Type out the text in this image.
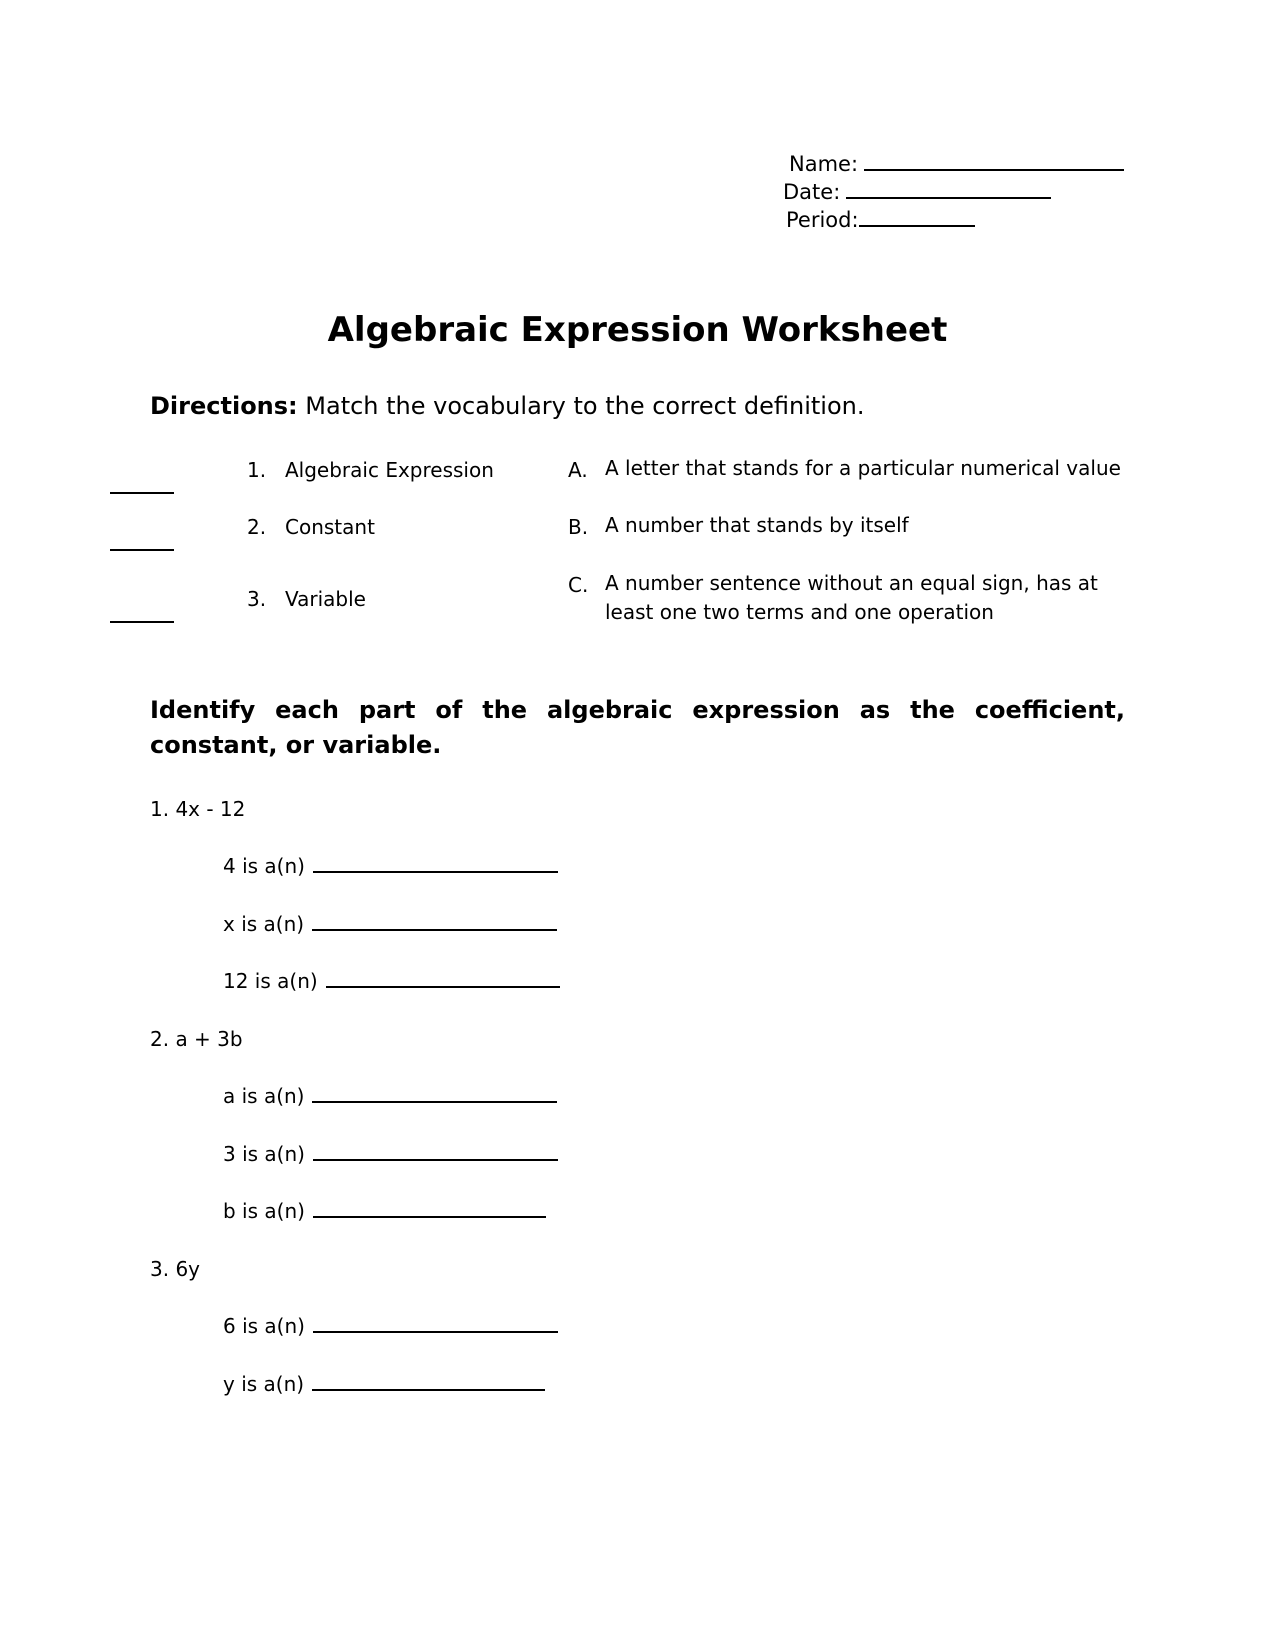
Name:
Date:
Period:
Algebraic Expression Worksheet
Directions: Match the vocabulary to the correct definition.
1. Algebraic Expression
2. Constant
3. Variable
A. A letter that stands for a particular numerical value
B. A number that stands by itself
C. A number sentence without an equal sign, has at least one two terms and one operation
Identify each part of the algebraic expression as the coefficient, constant, or variable.
1. 4x - 12
4 is a(n)
x is a(n)
12 is a(n)
2. a + 3b
a is a(n)
3 is a(n)
b is a(n)
3. 6y
6 is a(n)
y is a(n)
